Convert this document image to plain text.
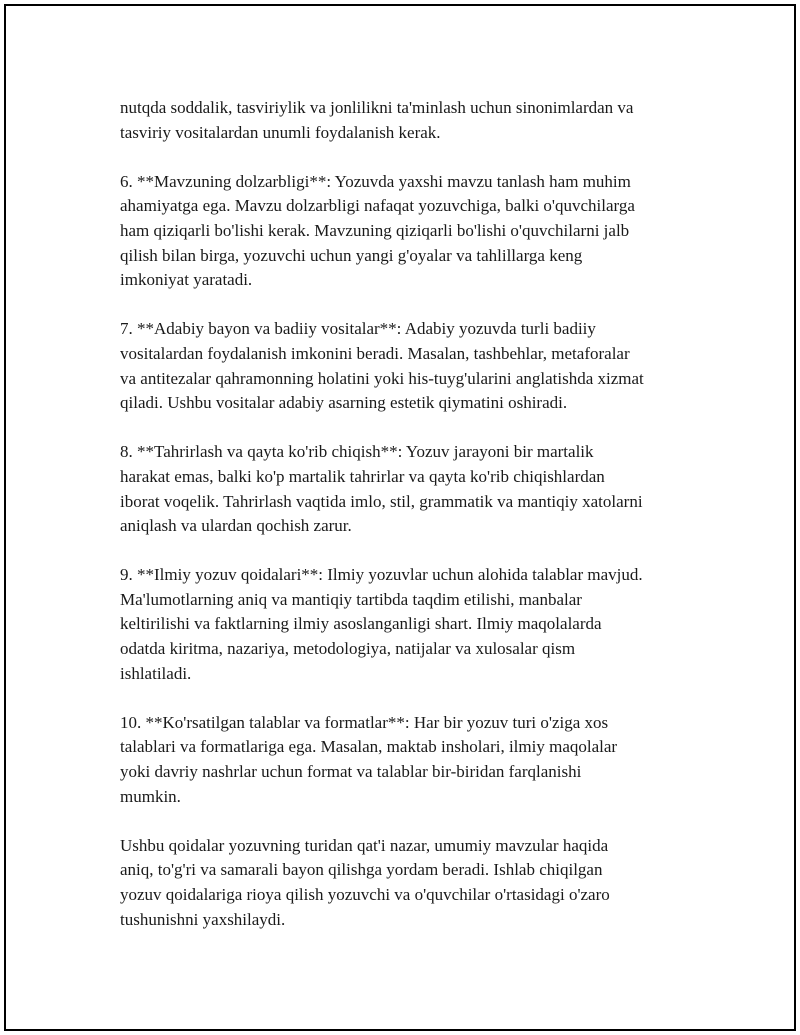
nutqda soddalik, tasviriylik va jonlilikni ta'minlash uchun sinonimlardan va
tasviriy vositalardan unumli foydalanish kerak.

6. **Mavzuning dolzarbligi**: Yozuvda yaxshi mavzu tanlash ham muhim
ahamiyatga ega. Mavzu dolzarbligi nafaqat yozuvchiga, balki o'quvchilarga
ham qiziqarli bo'lishi kerak. Mavzuning qiziqarli bo'lishi o'quvchilarni jalb
qilish bilan birga, yozuvchi uchun yangi g'oyalar va tahlillarga keng
imkoniyat yaratadi.

7. **Adabiy bayon va badiiy vositalar**: Adabiy yozuvda turli badiiy
vositalardan foydalanish imkonini beradi. Masalan, tashbehlar, metaforalar
va antitezalar qahramonning holatini yoki his-tuyg'ularini anglatishda xizmat
qiladi. Ushbu vositalar adabiy asarning estetik qiymatini oshiradi.

8. **Tahrirlash va qayta ko'rib chiqish**: Yozuv jarayoni bir martalik
harakat emas, balki ko'p martalik tahrirlar va qayta ko'rib chiqishlardan
iborat voqelik. Tahrirlash vaqtida imlo, stil, grammatik va mantiqiy xatolarni
aniqlash va ulardan qochish zarur.

9. **Ilmiy yozuv qoidalari**: Ilmiy yozuvlar uchun alohida talablar mavjud.
Ma'lumotlarning aniq va mantiqiy tartibda taqdim etilishi, manbalar
keltirilishi va faktlarning ilmiy asoslanganligi shart. Ilmiy maqolalarda
odatda kiritma, nazariya, metodologiya, natijalar va xulosalar qism
ishlatiladi.

10. **Ko'rsatilgan talablar va formatlar**: Har bir yozuv turi o'ziga xos
talablari va formatlariga ega. Masalan, maktab insholari, ilmiy maqolalar
yoki davriy nashrlar uchun format va talablar bir-biridan farqlanishi
mumkin.

Ushbu qoidalar yozuvning turidan qat'i nazar, umumiy mavzular haqida
aniq, to'g'ri va samarali bayon qilishga yordam beradi. Ishlab chiqilgan
yozuv qoidalariga rioya qilish yozuvchi va o'quvchilar o'rtasidagi o'zaro
tushunishni yaxshilaydi.
